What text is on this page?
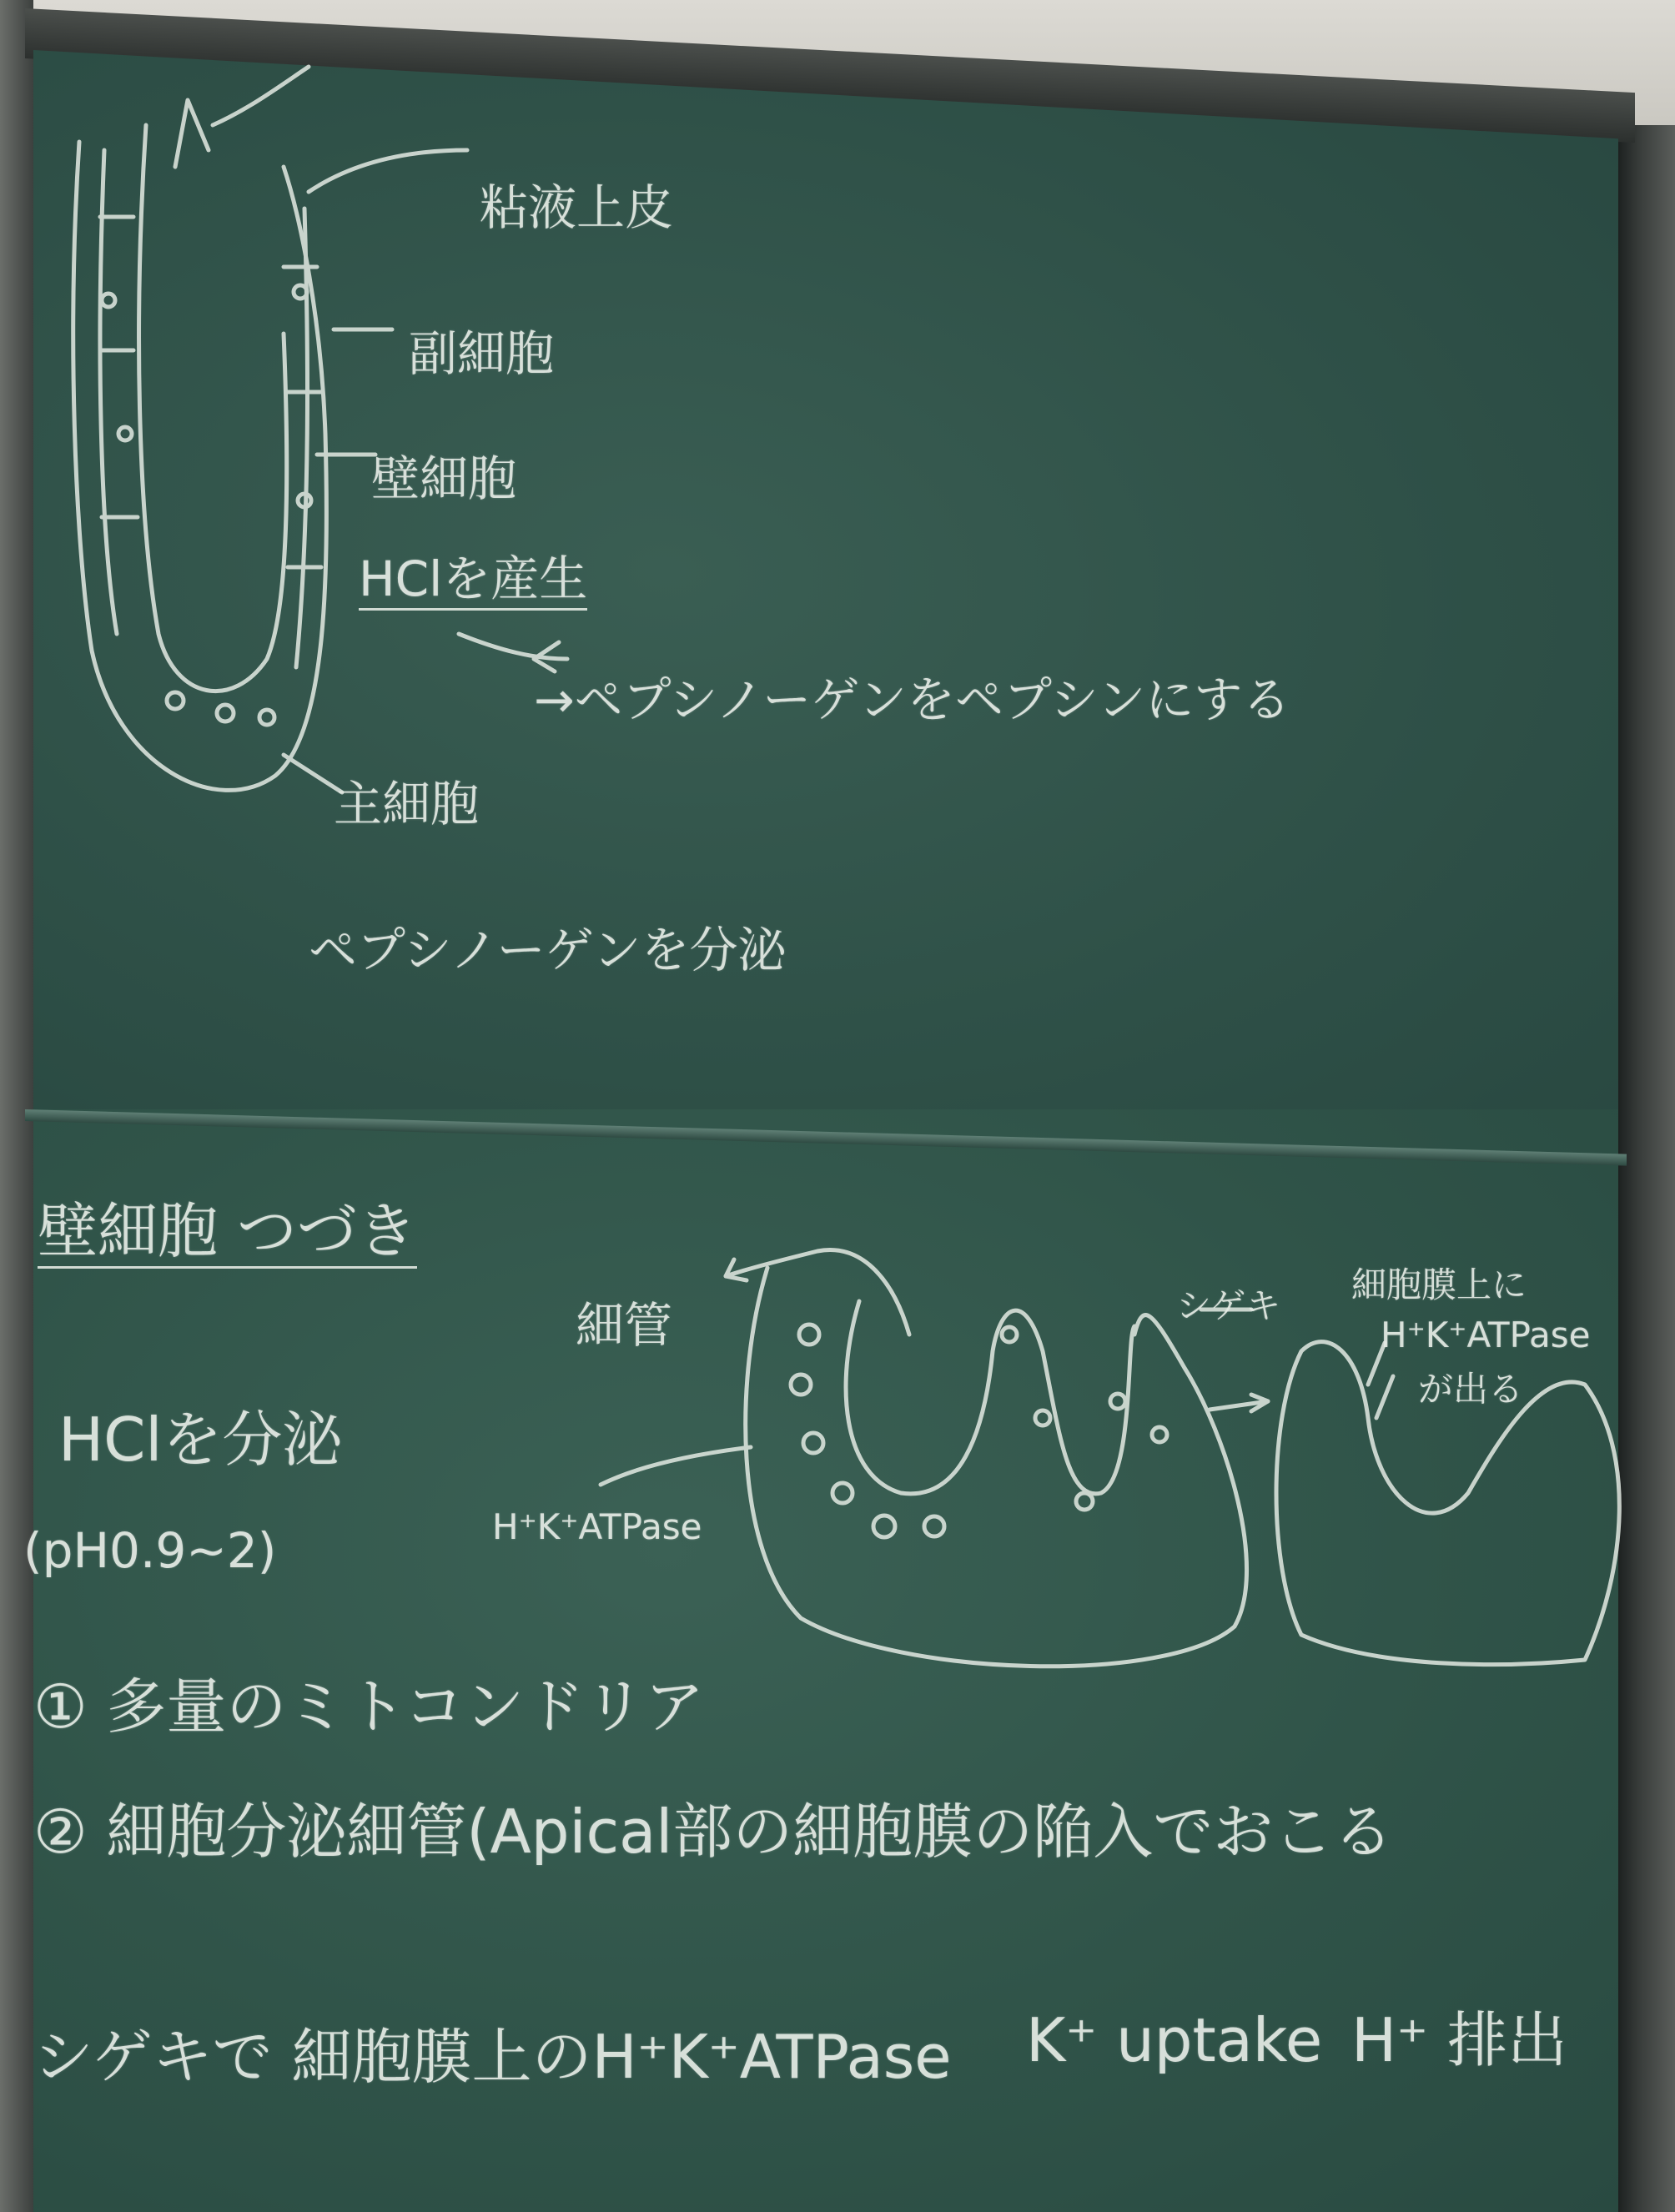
粘液上皮
副細胞
壁細胞
HClを産生
→ペプシノーゲンをペプシンにする
主細胞
ペプシノーゲンを分泌
壁細胞 つづき
HClを分泌
(pH0.9~2)
細管
H⁺K⁺ATPase
シゲキ
細胞膜上に
H⁺K⁺ATPase
が出る
① 多量のミトコンドリア
② 細胞分泌細管(Apical部の細胞膜の陥入でおこる
シゲキで 細胞膜上のH⁺K⁺ATPase K⁺ uptake H⁺ 排出
